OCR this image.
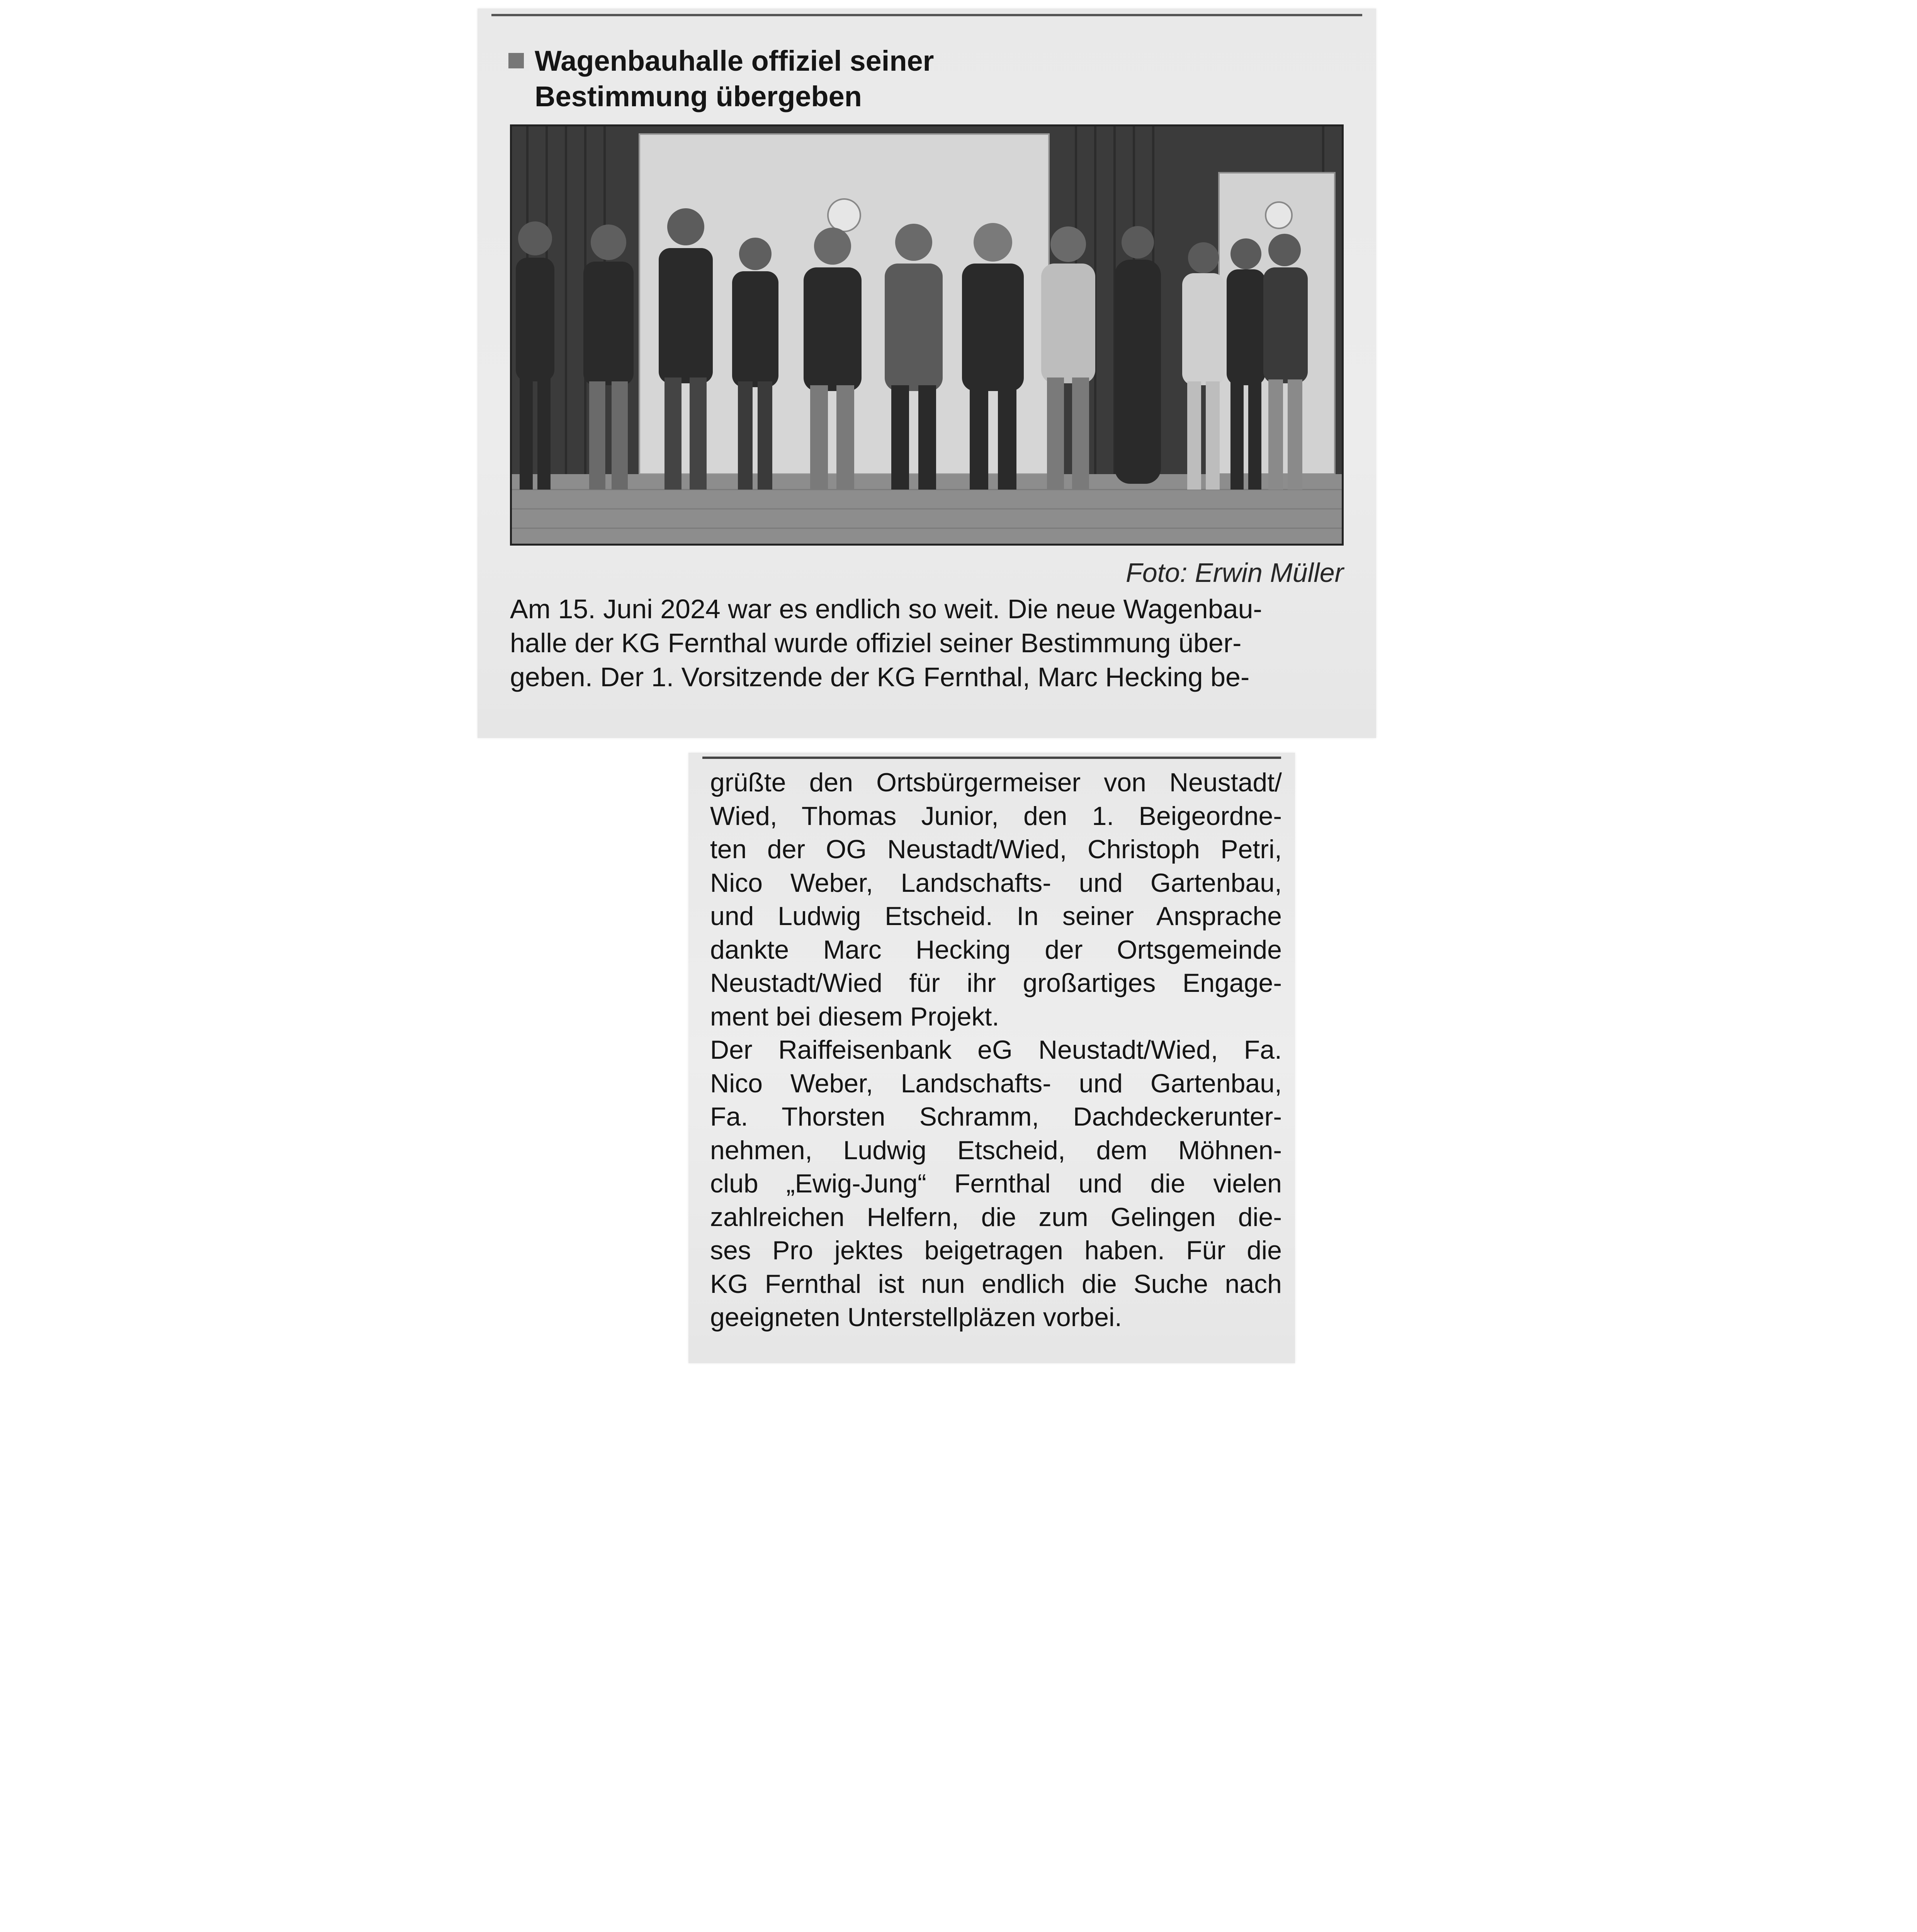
Wagenbauhalle offiziel seiner
Bestimmung übergeben
Foto: Erwin Müller
Am 15. Juni 2024 war es endlich so weit. Die neue Wagenbau-
halle der KG Fernthal wurde offiziel seiner Bestimmung über-
geben. Der 1. Vorsitzende der KG Fernthal, Marc Hecking be-
grüßte den Ortsbürgermeiser von Neustadt/
Wied, Thomas Junior, den 1. Beigeordne-
ten der OG Neustadt/Wied, Christoph Petri,
Nico Weber, Landschafts- und Gartenbau,
und Ludwig Etscheid. In seiner Ansprache
dankte Marc Hecking der Ortsgemeinde
Neustadt/Wied für ihr großartiges Engage-
ment bei diesem Projekt.
Der Raiffeisenbank eG Neustadt/Wied, Fa.
Nico Weber, Landschafts- und Gartenbau,
Fa. Thorsten Schramm, Dachdeckerunter-
nehmen, Ludwig Etscheid, dem Möhnen-
club „Ewig-Jung“ Fernthal und die vielen
zahlreichen Helfern, die zum Gelingen die-
ses Pro jektes beigetragen haben. Für die
KG Fernthal ist nun endlich die Suche nach
geeigneten Unterstellpläzen vorbei.
